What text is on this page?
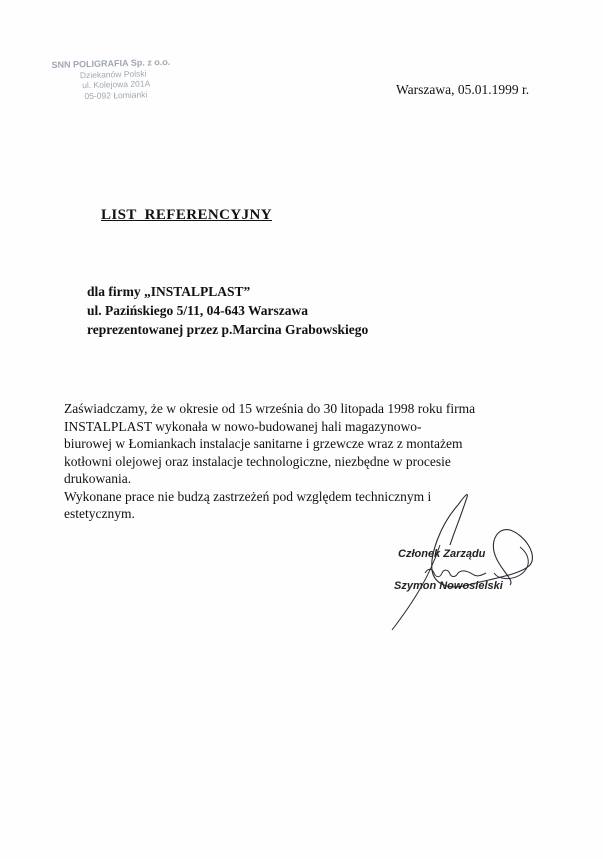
SNN POLIGRAFIA Sp. z o.o.
Dziekanów Polski
ul. Kolejowa 201A
05-092 Łomianki	Warszawa, 05.01.1999 r.
LIST REFERENCYJNY
dla firmy „INSTALPLAST”
ul. Pazińskiego 5/11, 04-643 Warszawa
reprezentowanej przez p.Marcina Grabowskiego
Zaświadczamy, że w okresie od 15 września do 30 litopada 1998 roku firma
INSTALPLAST wykonała w nowo-budowanej hali magazynowo-
biurowej w Łomiankach instalacje sanitarne i grzewcze wraz z montażem
kotłowni olejowej oraz instalacje technologiczne, niezbędne w procesie
drukowania.
Wykonane prace nie budzą zastrzeżeń pod względem technicznym i
estetycznym.
Członek Zarządu
Szymon Nowosielski
